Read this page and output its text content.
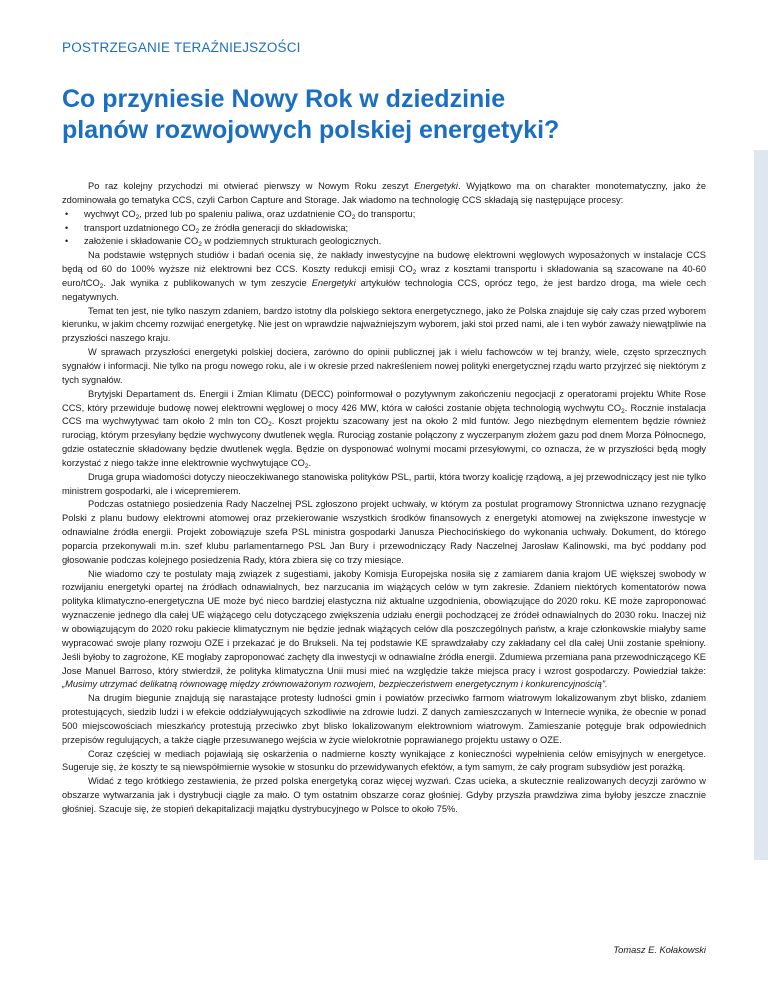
POSTRZEGANIE TERAŹNIEJSZOŚCI
Co przyniesie Nowy Rok w dziedzinie
planów rozwojowych polskiej energetyki?

Po raz kolejny przychodzi mi otwierać pierwszy w Nowym Roku zeszyt Energetyki. Wyjątkowo ma on charakter monotematyczny, jako że zdominowała go tematyka CCS, czyli Carbon Capture and Storage. Jak wiadomo na technologię CCS składają się następujące procesy:

• wychwyt $CO_2$, przed lub po spaleniu paliwa, oraz uzdatnienie $CO_2$ do transportu;
• transport uzdatnionego $CO_2$ ze źródła generacji do składowiska;
• założenie i składowanie $CO_2$ w podziemnych strukturach geologicznych.

Na podstawie wstępnych studiów i badań ocenia się, że nakłady inwestycyjne na budowę elektrowni węglowych wyposażonych w instalacje CCS będą od 60 do 100% wyższe niż elektrowni bez CCS. Koszty redukcji emisji $CO_2$ wraz z kosztami transportu i składowania są szacowane na 40-60 euro/tCO$_2$. Jak wynika z publikowanych w tym zeszycie Energetyki artykułów technologia CCS, oprócz tego, że jest bardzo droga, ma wiele cech negatywnych.

Temat ten jest, nie tylko naszym zdaniem, bardzo istotny dla polskiego sektora energetycznego, jako że Polska znajduje się cały czas przed wyborem kierunku, w jakim chcemy rozwijać energetykę. Nie jest on wprawdzie najważniejszym wyborem, jaki stoi przed nami, ale i ten wybór zaważy niewątpliwie na przyszłości naszego kraju.

W sprawach przyszłości energetyki polskiej dociera, zarówno do opinii publicznej jak i wielu fachowców w tej branży, wiele, często sprzecznych sygnałów i informacji. Nie tylko na progu nowego roku, ale i w okresie przed nakreśleniem nowej polityki energetycznej rządu warto przyjrzeć się niektórym z tych sygnałów.

Brytyjski Departament ds. Energii i Zmian Klimatu (DECC) poinformował o pozytywnym zakończeniu negocjacji z operatorami projektu White Rose CCS, który przewiduje budowę nowej elektrowni węglowej o mocy 426 MW, która w całości zostanie objęta technologią wychwytu $CO_2$. Rocznie instalacja CCS ma wychwytywać tam około 2 mln ton $CO_2$. Koszt projektu szacowany jest na około 2 mld funtów. Jego niezbędnym elementem będzie również rurociąg, którym przesyłany będzie wychwycony dwutlenek węgla. Rurociąg zostanie połączony z wyczerpanym złożem gazu pod dnem Morza Północnego, gdzie ostatecznie składowany będzie dwutlenek węgla. Będzie on dysponować wolnymi mocami przesyłowymi, co oznacza, że w przyszłości będą mogły korzystać z niego także inne elektrownie wychwytujące $CO_2$.

Druga grupa wiadomości dotyczy nieoczekiwanego stanowiska polityków PSL, partii, która tworzy koalicję rządową, a jej przewodniczący jest nie tylko ministrem gospodarki, ale i wicepremierem.

Podczas ostatniego posiedzenia Rady Naczelnej PSL zgłoszono projekt uchwały, w którym za postulat programowy Stronnictwa uznano rezygnację Polski z planu budowy elektrowni atomowej oraz przekierowanie wszystkich środków finansowych z energetyki atomowej na zwiększone inwestycje w odnawialne źródła energii. Projekt zobowiązuje szefa PSL ministra gospodarki Janusza Piechocińskiego do wykonania uchwały. Dokument, do którego poparcia przekonywali m.in. szef klubu parlamentarnego PSL Jan Bury i przewodniczący Rady Naczelnej Jarosław Kalinowski, ma być poddany pod głosowanie podczas kolejnego posiedzenia Rady, która zbiera się co trzy miesiące.

Nie wiadomo czy te postulaty mają związek z sugestiami, jakoby Komisja Europejska nosiła się z zamiarem dania krajom UE większej swobody w rozwijaniu energetyki opartej na źródłach odnawialnych, bez narzucania im wiążących celów w tym zakresie. Zdaniem niektórych komentatorów nowa polityka klimatyczno-energetyczna UE może być nieco bardziej elastyczna niż aktualne uzgodnienia, obowiązujące do 2020 roku. KE może zaproponować wyznaczenie jednego dla całej UE wiążącego celu dotyczącego zwiększenia udziału energii pochodzącej ze źródeł odnawialnych do 2030 roku. Inaczej niż w obowiązującym do 2020 roku pakiecie klimatycznym nie będzie jednak wiążących celów dla poszczególnych państw, a kraje członkowskie miałyby same wypracować swoje plany rozwoju OZE i przekazać je do Brukseli. Na tej podstawie KE sprawdzałaby czy zakładany cel dla całej Unii zostanie spełniony. Jeśli byłoby to zagrożone, KE mogłaby zaproponować zachęty dla inwestycji w odnawialne źródła energii. Zdumiewa przemiana pana przewodniczącego KE Jose Manuel Barroso, który stwierdził, że polityka klimatyczna Unii musi mieć na względzie także miejsca pracy i wzrost gospodarczy. Powiedział także: „Musimy utrzymać delikatną równowagę między zrównoważonym rozwojem, bezpieczeństwem energetycznym i konkurencyjnością”.

Na drugim biegunie znajdują się narastające protesty ludności gmin i powiatów przeciwko farmom wiatrowym lokalizowanym zbyt blisko, zdaniem protestujących, siedzib ludzi i w efekcie oddziaływujących szkodliwie na zdrowie ludzi. Z danych zamieszczanych w Internecie wynika, że obecnie w ponad 500 miejscowościach mieszkańcy protestują przeciwko zbyt blisko lokalizowanym elektrowniom wiatrowym. Zamieszanie potęguje brak odpowiednich przepisów regulujących, a także ciągłe przesuwanego wejścia w życie wielokrotnie poprawianego projektu ustawy o OZE.

Coraz częściej w mediach pojawiają się oskarżenia o nadmierne koszty wynikające z konieczności wypełnienia celów emisyjnych w energetyce. Sugeruje się, że koszty te są niewspółmiernie wysokie w stosunku do przewidywanych efektów, a tym samym, że cały program subsydiów jest porażką.

Widać z tego krótkiego zestawienia, że przed polska energetyką coraz więcej wyzwań. Czas ucieka, a skutecznie realizowanych decyzji zarówno w obszarze wytwarzania jak i dystrybucji ciągle za mało. O tym ostatnim obszarze coraz głośniej. Gdyby przyszła prawdziwa zima byłoby jeszcze znacznie głośniej. Szacuje się, że stopień dekapitalizacji majątku dystrybucyjnego w Polsce to około 75%.

Tomasz E. Kołakowski
